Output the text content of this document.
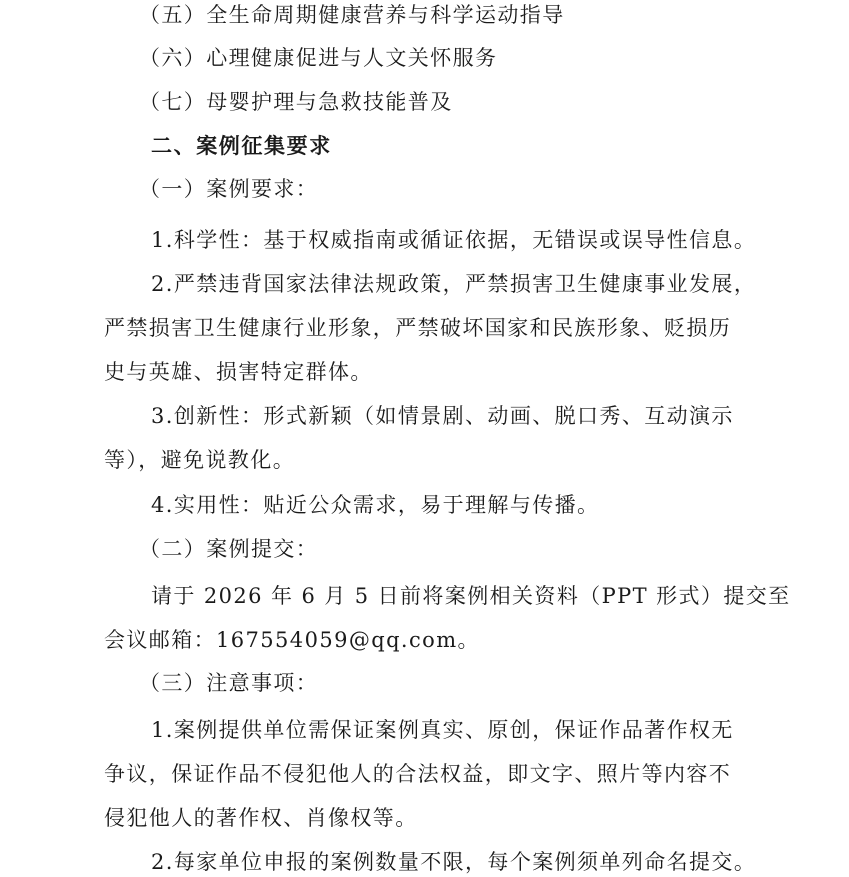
（五）全生命周期健康营养与科学运动指导
（六）心理健康促进与人文关怀服务
（七）母婴护理与急救技能普及
二、案例征集要求
（一）案例要求：
1.科学性：基于权威指南或循证依据，无错误或误导性信息。
2.严禁违背国家法律法规政策，严禁损害卫生健康事业发展，
严禁损害卫生健康行业形象，严禁破坏国家和民族形象、贬损历
史与英雄、损害特定群体。
3.创新性：形式新颖（如情景剧、动画、脱口秀、互动演示
等），避免说教化。
4.实用性：贴近公众需求，易于理解与传播。
（二）案例提交：
请于 2026 年 6 月 5 日前将案例相关资料（PPT 形式）提交至
会议邮箱：167554059@qq.com。
（三）注意事项：
1.案例提供单位需保证案例真实、原创，保证作品著作权无
争议，保证作品不侵犯他人的合法权益，即文字、照片等内容不
侵犯他人的著作权、肖像权等。
2.每家单位申报的案例数量不限，每个案例须单列命名提交。
